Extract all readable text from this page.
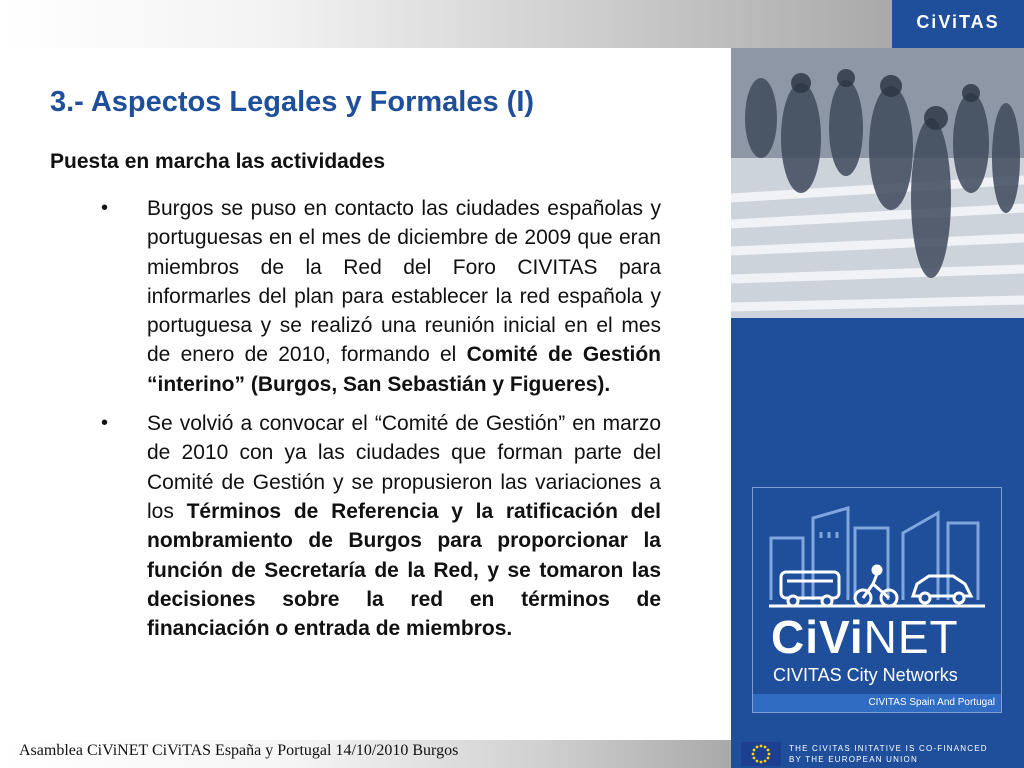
CiViTAS
3.- Aspectos Legales y Formales (I)
Puesta en marcha las actividades
• Burgos se puso en contacto las ciudades españolas y portuguesas en el mes de diciembre de 2009 que eran miembros de la Red del Foro CIVITAS para informarles del plan para establecer la red española y portuguesa y se realizó una reunión inicial en el mes de enero de 2010, formando el Comité de Gestión “interino” (Burgos, San Sebastián y Figueres).
• Se volvió a convocar el “Comité de Gestión” en marzo de 2010 con ya las ciudades que forman parte del Comité de Gestión y se propusieron las variaciones a los Términos de Referencia y la ratificación del nombramiento de Burgos para proporcionar la función de Secretaría de la Red, y se tomaron las decisiones sobre la red en términos de financiación o entrada de miembros.	CiViNET
CIVITAS City Networks
CIVITAS Spain And Portugal
Asamblea CiViNET CiViTAS España y Portugal 14/10/2010 Burgos	THE CIVITAS INITATIVE IS CO-FINANCED
BY THE EUROPEAN UNION
